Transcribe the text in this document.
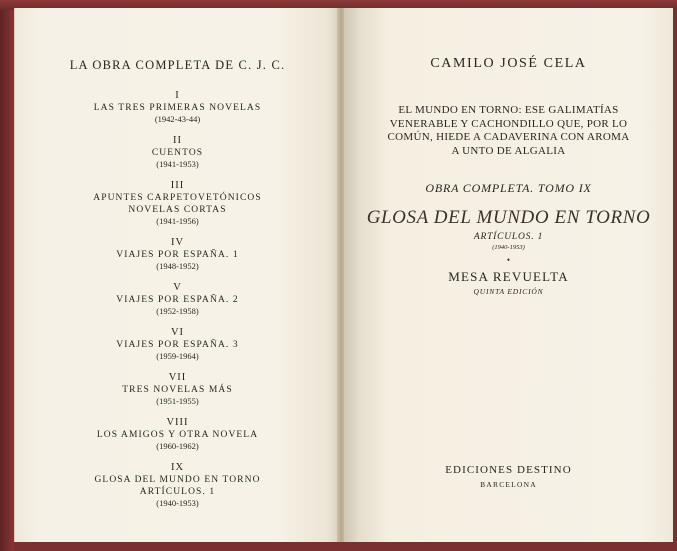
LA OBRA COMPLETA DE C. J. C.
I
LAS TRES PRIMERAS NOVELAS
(1942-43-44)
II
CUENTOS
(1941-1953)
III
APUNTES CARPETOVETÓNICOS
NOVELAS CORTAS
(1941-1956)
IV
VIAJES POR ESPAÑA. 1
(1948-1952)
V
VIAJES POR ESPAÑA. 2
(1952-1958)
VI
VIAJES POR ESPAÑA. 3
(1959-1964)
VII
TRES NOVELAS MÁS
(1951-1955)
VIII
LOS AMIGOS Y OTRA NOVELA
(1960-1962)
IX
GLOSA DEL MUNDO EN TORNO
ARTÍCULOS. 1
(1940-1953)
CAMILO JOSÉ CELA
EL MUNDO EN TORNO: ESE GALIMATÍAS
VENERABLE Y CACHONDILLO QUE, POR LO
COMÚN, HIEDE A CADAVERINA CON AROMA
A UNTO DE ALGALIA
OBRA COMPLETA. TOMO IX
GLOSA DEL MUNDO EN TORNO
ARTÍCULOS. 1
(1940-1953)
•
MESA REVUELTA
QUINTA EDICIÓN
EDICIONES DESTINO
BARCELONA
